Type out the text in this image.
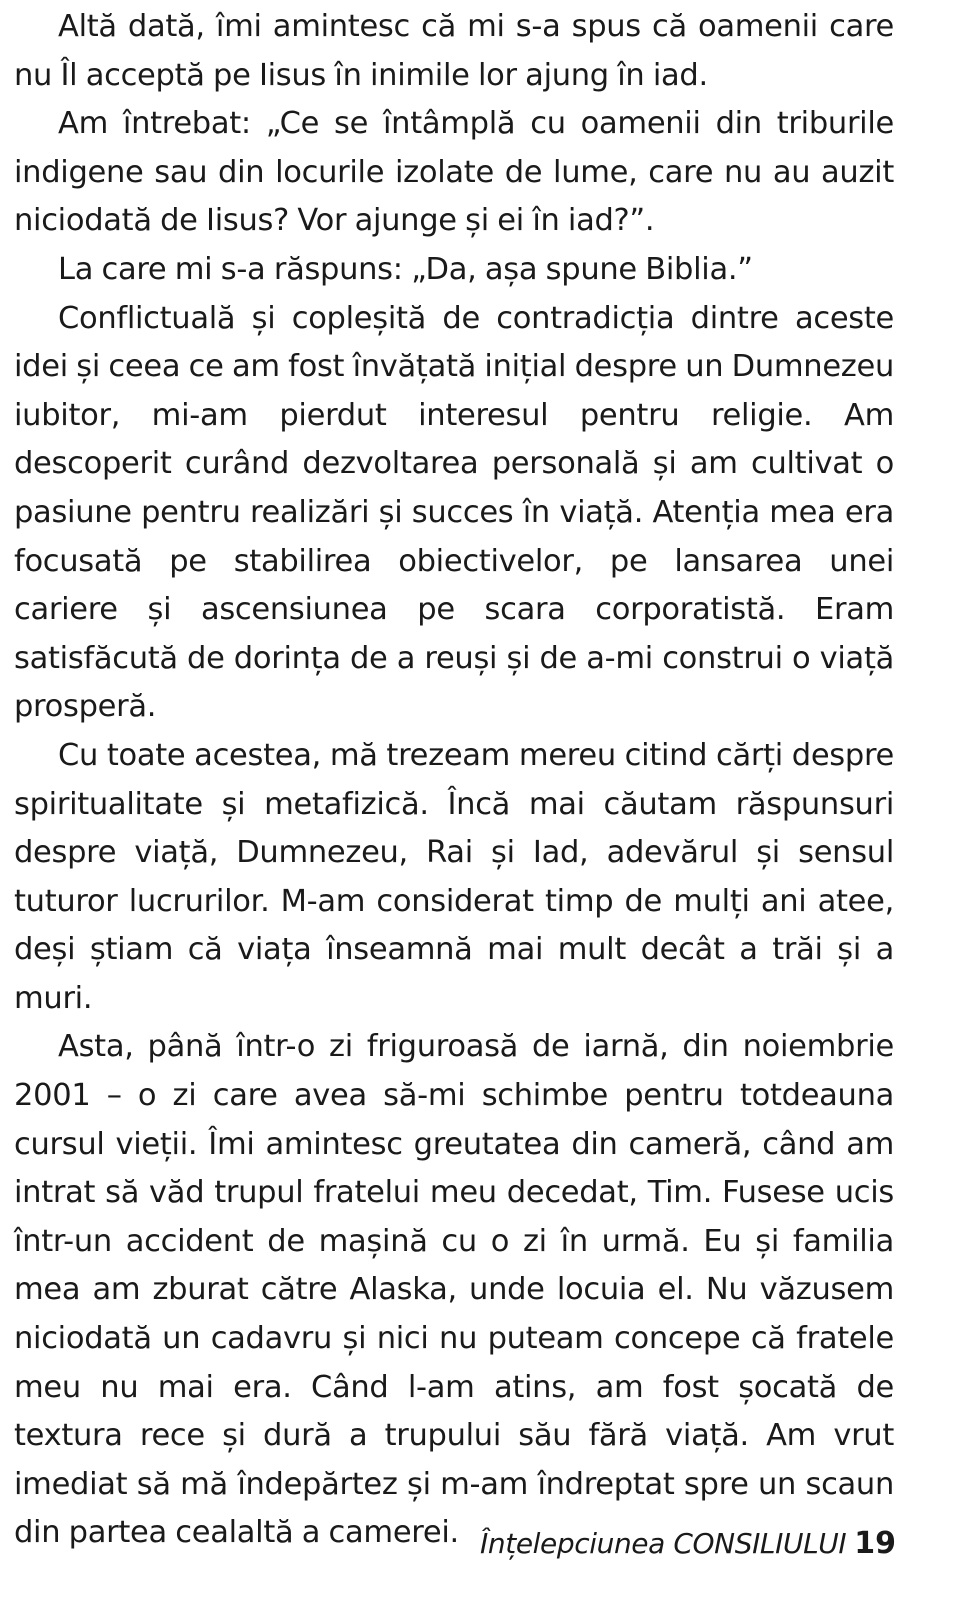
Altă dată, îmi amintesc că mi s-a spus că oamenii care nu Îl acceptă pe Iisus în inimile lor ajung în iad.

Am întrebat: „Ce se întâmplă cu oamenii din triburile indigene sau din locurile izolate de lume, care nu au auzit niciodată de Iisus? Vor ajunge și ei în iad?”.

La care mi s-a răspuns: „Da, așa spune Biblia.”

Conflictuală și copleșită de contradicția dintre aceste idei și ceea ce am fost învățată inițial despre un Dumnezeu iubitor, mi-am pierdut interesul pentru religie. Am descoperit curând dezvoltarea personală și am cultivat o pasiune pentru realizări și succes în viață. Atenția mea era focusată pe stabilirea obiectivelor, pe lansarea unei cariere și ascensiunea pe scara corporatistă. Eram satisfăcută de dorința de a reuși și de a-mi construi o viață prosperă.

Cu toate acestea, mă trezeam mereu citind cărți despre spiritualitate și metafizică. Încă mai căutam răspunsuri despre viață, Dumnezeu, Rai și Iad, adevărul și sensul tuturor lucrurilor. M-am considerat timp de mulți ani atee, deși știam că viața înseamnă mai mult decât a trăi și a muri.

Asta, până într-o zi friguroasă de iarnă, din noiembrie 2001 – o zi care avea să-mi schimbe pentru totdeauna cursul vieții. Îmi amintesc greutatea din cameră, când am intrat să văd trupul fratelui meu decedat, Tim. Fusese ucis într-un accident de mașină cu o zi în urmă. Eu și familia mea am zburat către Alaska, unde locuia el. Nu văzusem niciodată un cadavru și nici nu puteam concepe că fratele meu nu mai era. Când l-am atins, am fost șocată de textura rece și dură a trupului său fără viață. Am vrut imediat să mă îndepărtez și m-am îndreptat spre un scaun din partea cealaltă a camerei. Înțelepciunea CONSILIULUI 19
